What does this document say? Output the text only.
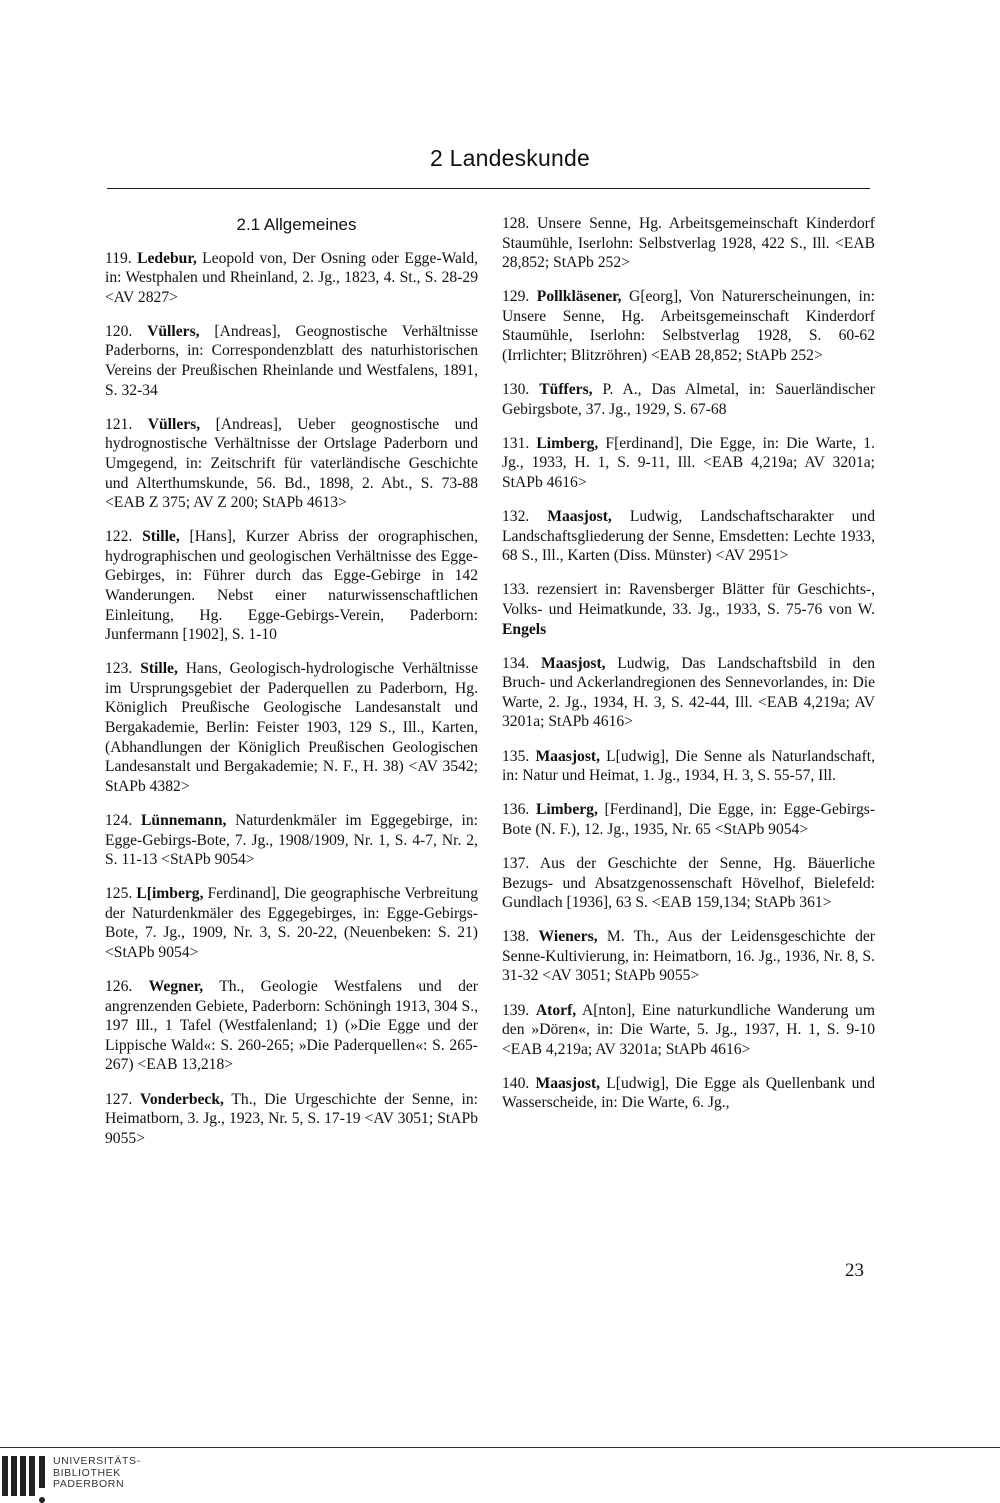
2 Landeskunde
2.1 Allgemeines

119. Ledebur, Leopold von, Der Osning oder Egge-Wald, in: Westphalen und Rheinland, 2. Jg., 1823, 4. St., S. 28-29 <AV 2827>

120. Vüllers, [Andreas], Geognostische Verhältnisse Paderborns, in: Correspondenzblatt des naturhistorischen Vereins der Preußischen Rheinlande und Westfalens, 1891, S. 32-34

121. Vüllers, [Andreas], Ueber geognostische und hydrognostische Verhältnisse der Ortslage Paderborn und Umgegend, in: Zeitschrift für vaterländische Geschichte und Alterthumskunde, 56. Bd., 1898, 2. Abt., S. 73-88 <EAB Z 375; AV Z 200; StAPb 4613>

122. Stille, [Hans], Kurzer Abriss der orographischen, hydrographischen und geologischen Verhältnisse des Egge-Gebirges, in: Führer durch das Egge-Gebirge in 142 Wanderungen. Nebst einer naturwissenschaftlichen Einleitung, Hg. Egge-Gebirgs-Verein, Paderborn: Junfermann [1902], S. 1-10

123. Stille, Hans, Geologisch-hydrologische Verhältnisse im Ursprungsgebiet der Paderquellen zu Paderborn, Hg. Königlich Preußische Geologische Landesanstalt und Bergakademie, Berlin: Feister 1903, 129 S., Ill., Karten, (Abhandlungen der Königlich Preußischen Geologischen Landesanstalt und Bergakademie; N. F., H. 38) <AV 3542; StAPb 4382>

124. Lünnemann, Naturdenkmäler im Eggegebirge, in: Egge-Gebirgs-Bote, 7. Jg., 1908/1909, Nr. 1, S. 4-7, Nr. 2, S. 11-13 <StAPb 9054>

125. L[imberg, Ferdinand], Die geographische Verbreitung der Naturdenkmäler des Eggegebirges, in: Egge-Gebirgs-Bote, 7. Jg., 1909, Nr. 3, S. 20-22, (Neuenbeken: S. 21) <StAPb 9054>

126. Wegner, Th., Geologie Westfalens und der angrenzenden Gebiete, Paderborn: Schöningh 1913, 304 S., 197 Ill., 1 Tafel (Westfalenland; 1) (»Die Egge und der Lippische Wald«: S. 260-265; »Die Paderquellen«: S. 265-267) <EAB 13,218>

127. Vonderbeck, Th., Die Urgeschichte der Senne, in: Heimatborn, 3. Jg., 1923, Nr. 5, S. 17-19 <AV 3051; StAPb 9055>

128. Unsere Senne, Hg. Arbeitsgemeinschaft Kinderdorf Staumühle, Iserlohn: Selbstverlag 1928, 422 S., Ill. <EAB 28,852; StAPb 252>

129. Pollkläsener, G[eorg], Von Naturerscheinungen, in: Unsere Senne, Hg. Arbeitsgemeinschaft Kinderdorf Staumühle, Iserlohn: Selbstverlag 1928, S. 60-62 (Irrlichter; Blitzröhren) <EAB 28,852; StAPb 252>

130. Tüffers, P. A., Das Almetal, in: Sauerländischer Gebirgsbote, 37. Jg., 1929, S. 67-68

131. Limberg, F[erdinand], Die Egge, in: Die Warte, 1. Jg., 1933, H. 1, S. 9-11, Ill. <EAB 4,219a; AV 3201a; StAPb 4616>

132. Maasjost, Ludwig, Landschaftscharakter und Landschaftsgliederung der Senne, Emsdetten: Lechte 1933, 68 S., Ill., Karten (Diss. Münster) <AV 2951>

133. rezensiert in: Ravensberger Blätter für Geschichts-, Volks- und Heimatkunde, 33. Jg., 1933, S. 75-76 von W. Engels

134. Maasjost, Ludwig, Das Landschaftsbild in den Bruch- und Ackerlandregionen des Sennevorlandes, in: Die Warte, 2. Jg., 1934, H. 3, S. 42-44, Ill. <EAB 4,219a; AV 3201a; StAPb 4616>

135. Maasjost, L[udwig], Die Senne als Naturlandschaft, in: Natur und Heimat, 1. Jg., 1934, H. 3, S. 55-57, Ill.

136. Limberg, [Ferdinand], Die Egge, in: Egge-Gebirgs-Bote (N. F.), 12. Jg., 1935, Nr. 65 <StAPb 9054>

137. Aus der Geschichte der Senne, Hg. Bäuerliche Bezugs- und Absatzgenossenschaft Hövelhof, Bielefeld: Gundlach [1936], 63 S. <EAB 159,134; StAPb 361>

138. Wieners, M. Th., Aus der Leidensgeschichte der Senne-Kultivierung, in: Heimatborn, 16. Jg., 1936, Nr. 8, S. 31-32 <AV 3051; StAPb 9055>

139. Atorf, A[nton], Eine naturkundliche Wanderung um den »Dören«, in: Die Warte, 5. Jg., 1937, H. 1, S. 9-10 <EAB 4,219a; AV 3201a; StAPb 4616>

140. Maasjost, L[udwig], Die Egge als Quellenbank und Wasserscheide, in: Die Warte, 6. Jg.,

23
UNIVERSITÄTS-
BIBLIOTHEK
PADERBORN
